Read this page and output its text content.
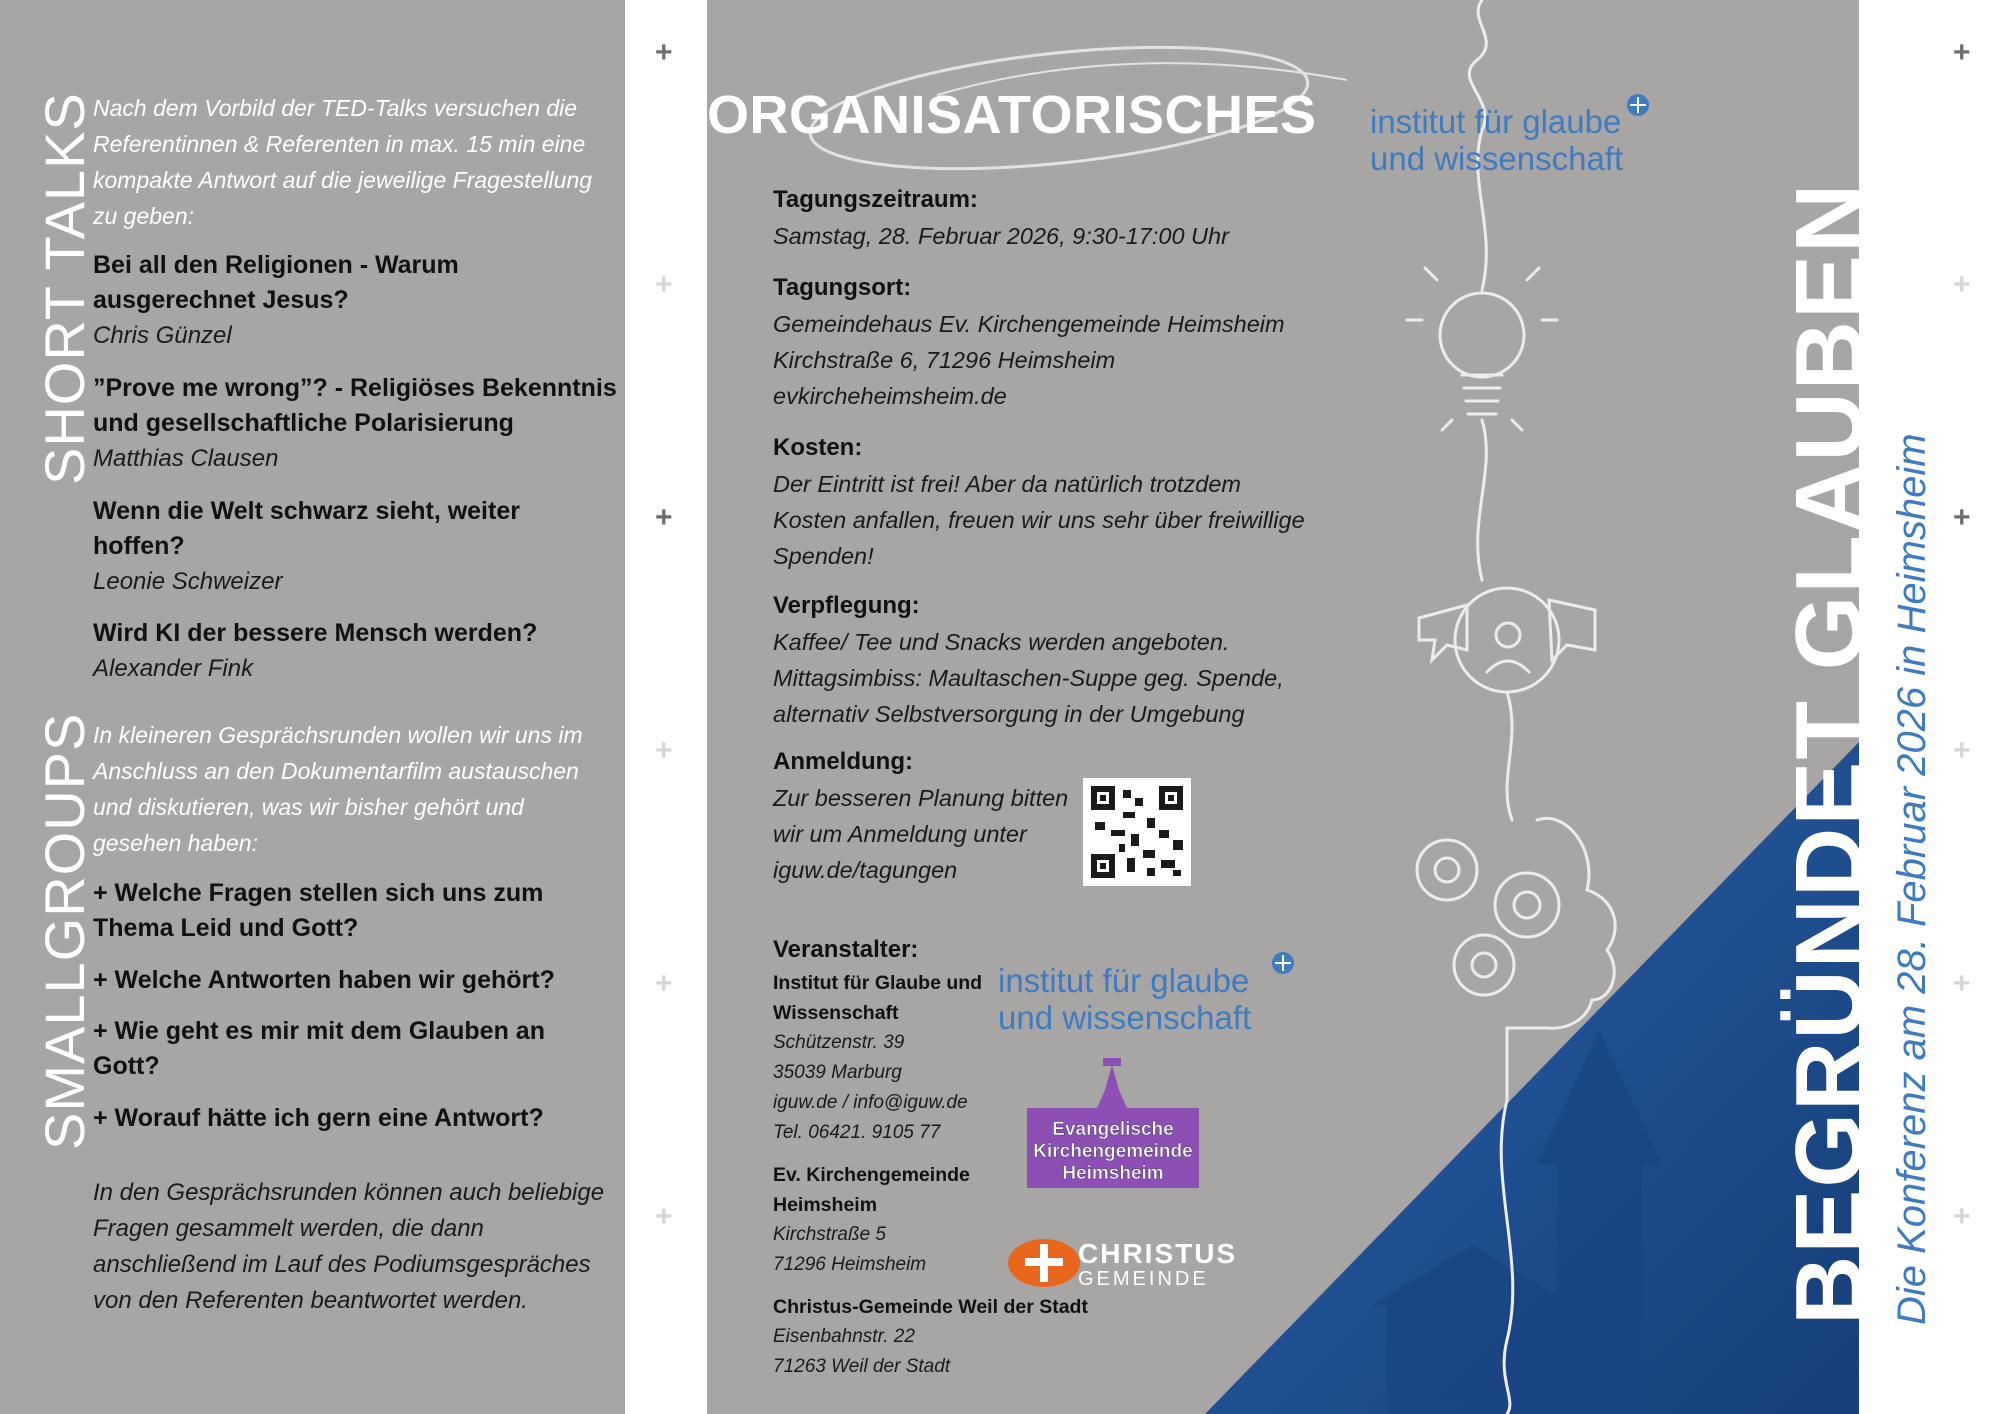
SHORT TALKS
Nach dem Vorbild der TED-Talks versuchen die Referentinnen & Referenten in max. 15 min eine kompakte Antwort auf die jeweilige Fragestellung zu geben:
Bei all den Religionen - Warum ausgerechnet Jesus?
Chris Günzel
”Prove me wrong”? - Religiöses Bekenntnis und gesellschaftliche Polarisierung
Matthias Clausen
Wenn die Welt schwarz sieht, weiter hoffen?
Leonie Schweizer
Wird KI der bessere Mensch werden?
Alexander Fink
SMALLGROUPS
In kleineren Gesprächsrunden wollen wir uns im Anschluss an den Dokumentarfilm austauschen und diskutieren, was wir bisher gehört und gesehen haben:
+ Welche Fragen stellen sich uns zum Thema Leid und Gott?
+ Welche Antworten haben wir gehört?
+ Wie geht es mir mit dem Glauben an Gott?
+ Worauf hätte ich gern eine Antwort?
In den Gesprächsrunden können auch beliebige Fragen gesammelt werden, die dann anschließend im Lauf des Podiumsgespräches von den Referenten beantwortet werden.
+
+
+
+
+
+
+
+
+
+
+
+
ORGANISATORISCHES
Tagungszeitraum:
Samstag, 28. Februar 2026, 9:30-17:00 Uhr
Tagungsort:
Gemeindehaus Ev. Kirchengemeinde Heimsheim
Kirchstraße 6, 71296 Heimsheim
evkircheheimsheim.de
Kosten:
Der Eintritt ist frei! Aber da natürlich trotzdem Kosten anfallen, freuen wir uns sehr über freiwillige Spenden!
Verpflegung:
Kaffee/ Tee und Snacks werden angeboten.
Mittagsimbiss: Maultaschen-Suppe geg. Spende,
alternativ Selbstversorgung in der Umgebung
Anmeldung:
Zur besseren Planung bitten
wir um Anmeldung unter
iguw.de/tagungen
Veranstalter:
Institut für Glaube und
Wissenschaft
Schützenstr. 39
35039 Marburg
iguw.de / info@iguw.de
Tel. 06421. 9105 77
Ev. Kirchengemeinde
Heimsheim
Kirchstraße 5
71296 Heimsheim
Christus-Gemeinde Weil der Stadt
Eisenbahnstr. 22
71263 Weil der Stadt
institut für glaube
und wissenschaft
institut für glaube
und wissenschaft
Evangelische
Kirchengemeinde
Heimsheim
CHRISTUS
GEMEINDE	BEGRÜNDET GLAUBEN Die Konferenz am 28. Februar 2026 in Heimsheim
